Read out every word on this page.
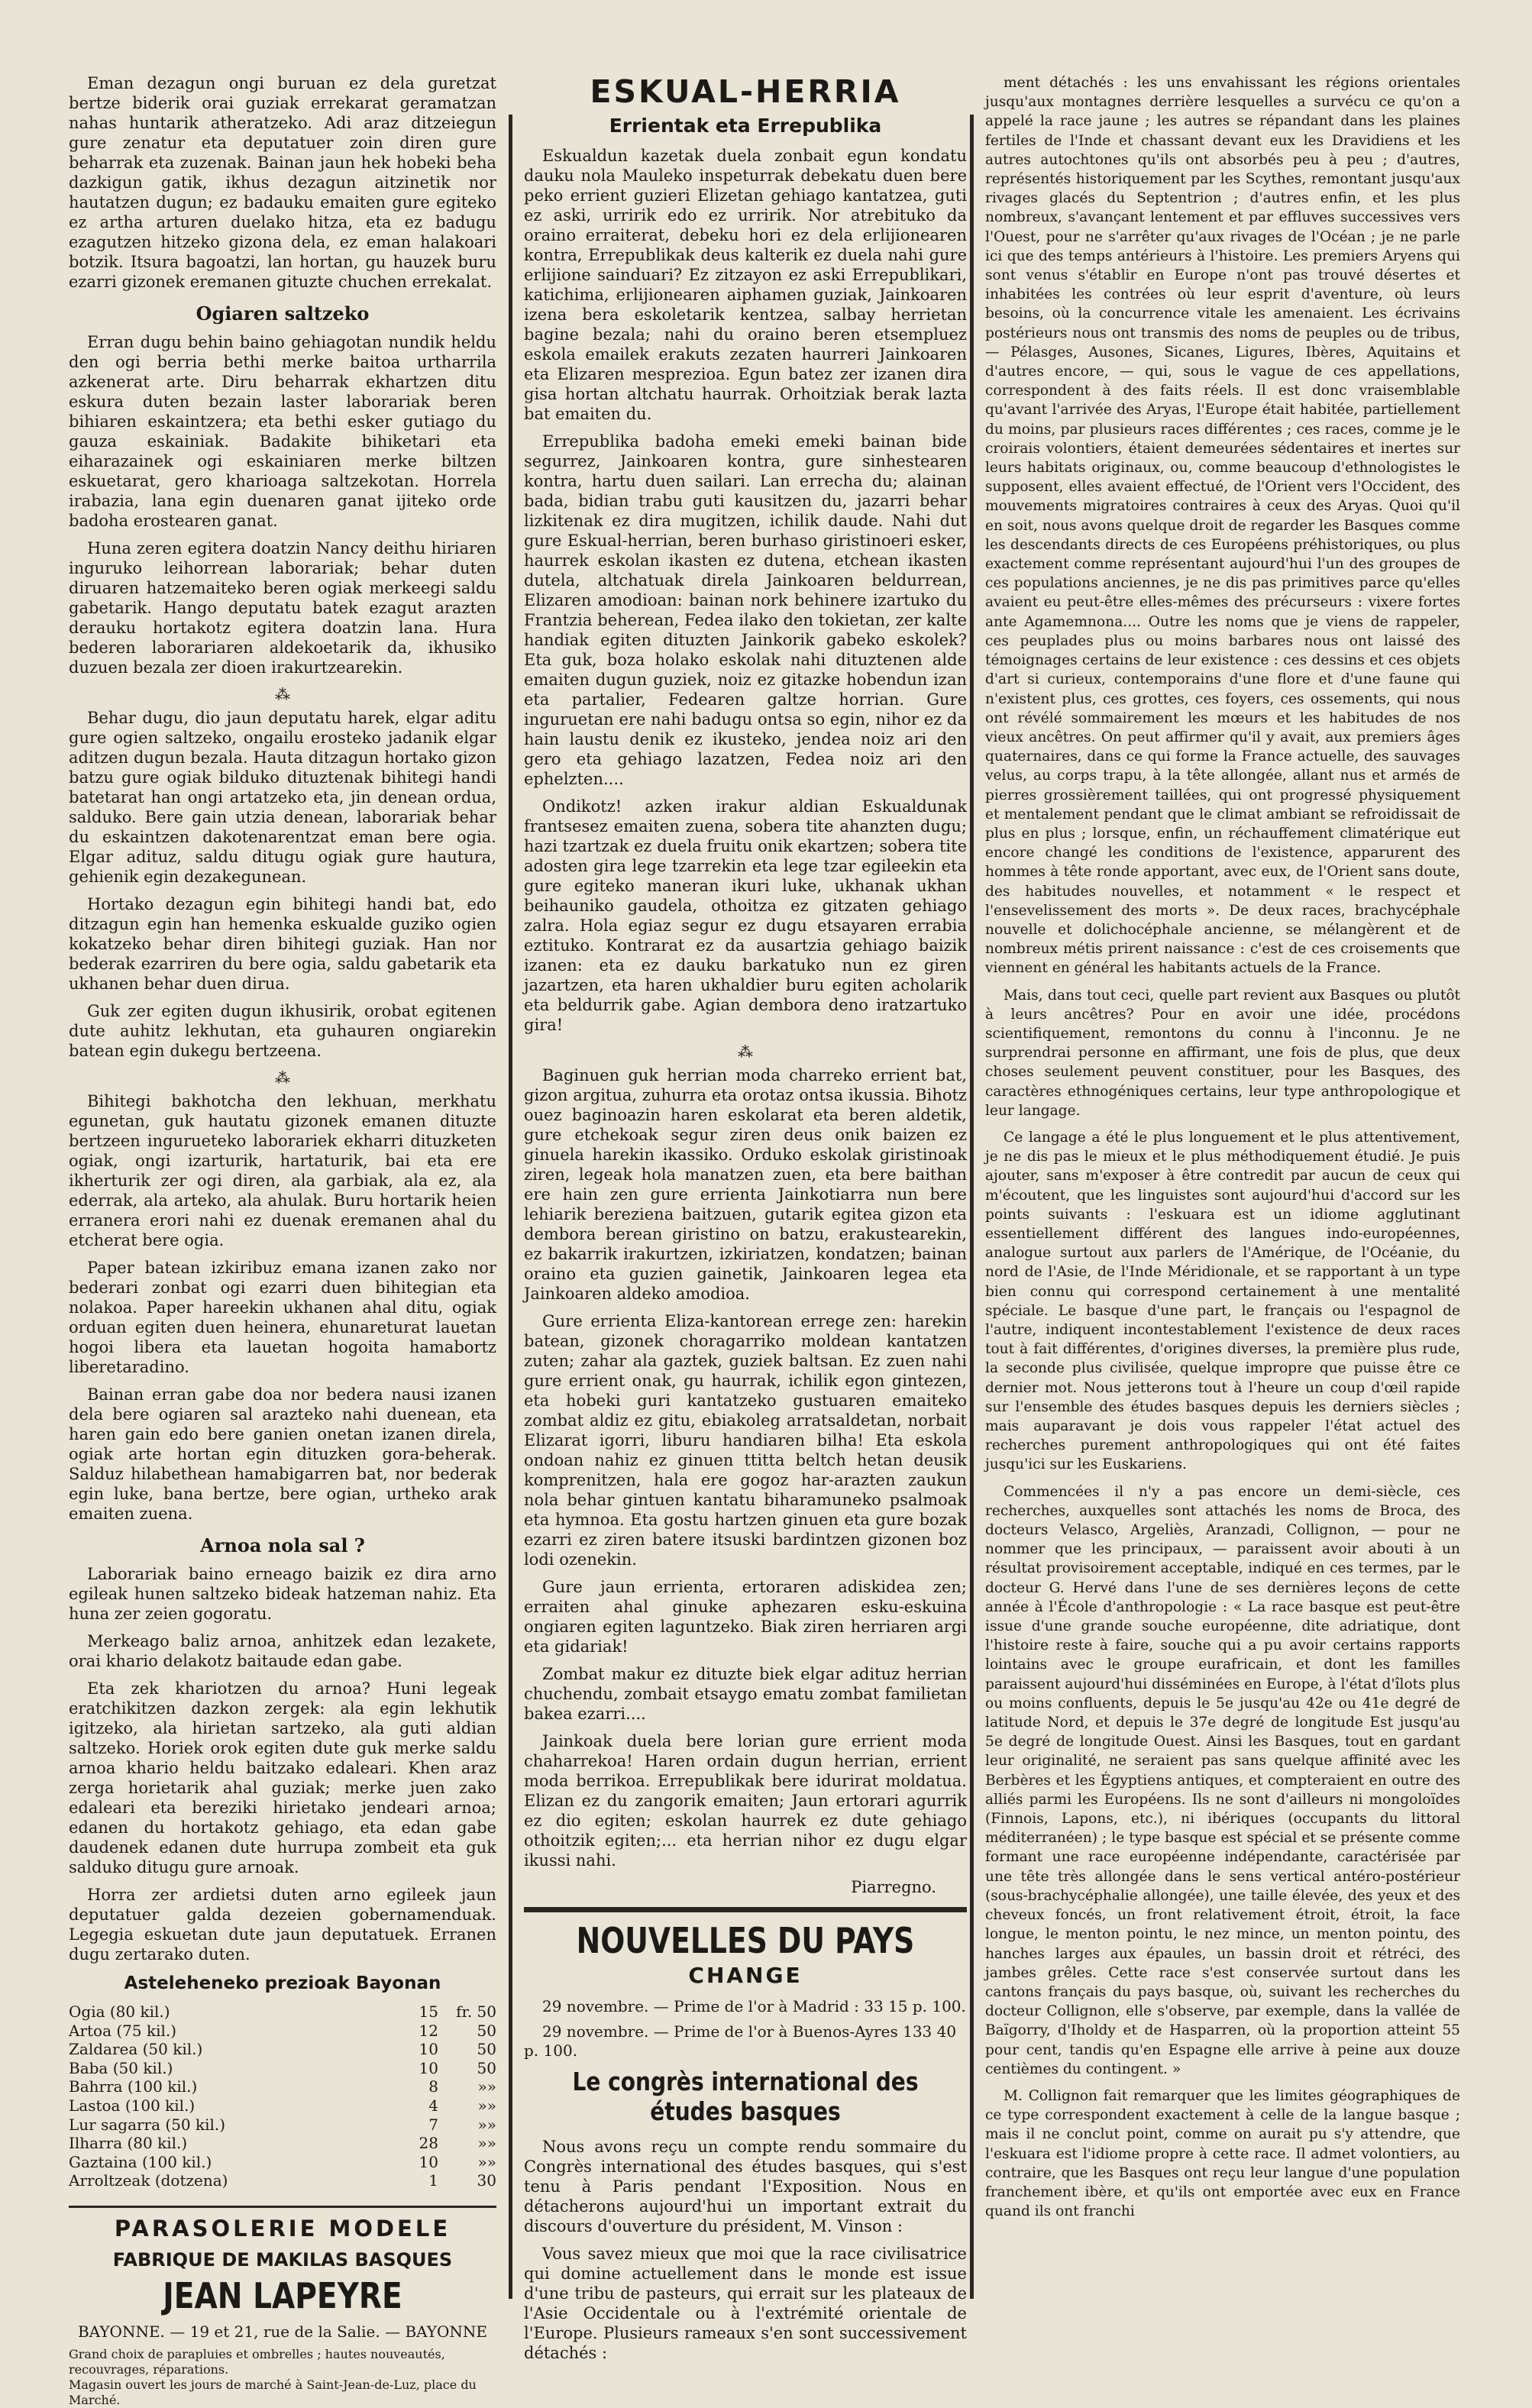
Eman dezagun ongi buruan ez dela guretzat bertze biderik orai guziak errekarat geramatzan nahas huntarik atheratzeko. Adi araz ditzeiegun gure zenatur eta deputatuer zoin diren gure beharrak eta zuzenak. Bainan jaun hek hobeki beha dazkigun gatik, ikhus dezagun aitzinetik nor hautatzen dugun; ez badauku emaiten gure egiteko ez artha arturen duelako hitza, eta ez badugu ezagutzen hitzeko gizona dela, ez eman halakoari botzik. Itsura bagoatzi, lan hortan, gu hauzek buru ezarri gizonek eremanen gituzte chuchen errekalat.

Ogiaren saltzeko

Erran dugu behin baino gehiagotan nundik heldu den ogi berria bethi merke baitoa urtharrila azkenerat arte. Diru beharrak ekhartzen ditu eskura duten bezain laster laborariak beren bihiaren eskaintzera; eta bethi esker gutiago du gauza eskainiak. Badakite bihiketari eta eiharazainek ogi eskainiaren merke biltzen eskuetarat, gero kharioaga saltzekotan. Horrela irabazia, lana egin duenaren ganat ijiteko orde badoha erostearen ganat.

Huna zeren egitera doatzin Nancy deithu hiriaren inguruko leihorrean laborariak; behar duten diruaren hatzemaiteko beren ogiak merkeegi saldu gabetarik. Hango deputatu batek ezagut arazten derauku hortakotz egitera doatzin lana. Hura bederen laborariaren aldekoetarik da, ikhusiko duzuen bezala zer dioen irakurtzearekin.

⁂

Behar dugu, dio jaun deputatu harek, elgar aditu gure ogien saltzeko, ongailu erosteko jadanik elgar aditzen dugun bezala. Hauta ditzagun hortako gizon batzu gure ogiak bilduko dituztenak bihitegi handi batetarat han ongi artatzeko eta, jin denean ordua, salduko. Bere gain utzia denean, laborariak behar du eskaintzen dakotenarentzat eman bere ogia. Elgar adituz, saldu ditugu ogiak gure hautura, gehienik egin dezakegunean.

Hortako dezagun egin bihitegi handi bat, edo ditzagun egin han hemenka eskualde guziko ogien kokatzeko behar diren bihitegi guziak. Han nor bederak ezarriren du bere ogia, saldu gabetarik eta ukhanen behar duen dirua.

Guk zer egiten dugun ikhusirik, orobat egitenen dute auhitz lekhutan, eta guhauren ongiarekin batean egin dukegu bertzeena.

⁂

Bihitegi bakhotcha den lekhuan, merkhatu egunetan, guk hautatu gizonek emanen dituzte bertzeen ingurueteko laborariek ekharri dituzketen ogiak, ongi izarturik, hartaturik, bai eta ere ikherturik zer ogi diren, ala garbiak, ala ez, ala ederrak, ala arteko, ala ahulak. Buru hortarik heien erranera erori nahi ez duenak eremanen ahal du etcherat bere ogia.

Paper batean izkiribuz emana izanen zako nor bederari zonbat ogi ezarri duen bihitegian eta nolakoa. Paper hareekin ukhanen ahal ditu, ogiak orduan egiten duen heinera, ehunareturat lauetan hogoi libera eta lauetan hogoita hamabortz liberetaradino.

Bainan erran gabe doa nor bedera nausi izanen dela bere ogiaren sal arazteko nahi duenean, eta haren gain edo bere ganien onetan izanen direla, ogiak arte hortan egin dituzken gora-beherak. Salduz hilabethean hamabigarren bat, nor bederak egin luke, bana bertze, bere ogian, urtheko arak emaiten zuena.

Arnoa nola sal ?

Laborariak baino erneago baizik ez dira arno egileak hunen saltzeko bideak hatzeman nahiz. Eta huna zer zeien gogoratu.

Merkeago baliz arnoa, anhitzek edan lezakete, orai khario delakotz baitaude edan gabe.

Eta zek khariotzen du arnoa? Huni legeak eratchikitzen dazkon zergek: ala egin lekhutik igitzeko, ala hirietan sartzeko, ala guti aldian saltzeko. Horiek orok egiten dute guk merke saldu arnoa khario heldu baitzako edaleari. Khen araz zerga horietarik ahal guziak; merke juen zako edaleari eta bereziki hirietako jendeari arnoa; edanen du hortakotz gehiago, eta edan gabe daudenek edanen dute hurrupa zombeit eta guk salduko ditugu gure arnoak.

Horra zer ardietsi duten arno egileek jaun deputatuer galda dezeien gobernamenduak. Legegia eskuetan dute jaun deputatuek. Erranen dugu zertarako duten.

Asteleheneko prezioak Bayonan
Ogia (80 kil.)	15	fr. 50
Artoa (75 kil.)	12	50
Zaldarea (50 kil.)	10	50
Baba (50 kil.)	10	50
Bahrra (100 kil.)	8	»»
Lastoa (100 kil.)	4	»»
Lur sagarra (50 kil.)	7	»»
Ilharra (80 kil.)	28	»»
Gaztaina (100 kil.)	10	»»
Arroltzeak (dotzena)	1	30
PARASOLERIE MODELE
FABRIQUE DE MAKILAS BASQUES
JEAN LAPEYRE
BAYONNE. — 19 et 21, rue de la Salie. — BAYONNE
Grand choix de parapluies et ombrelles ; hautes nouveautés, recouvrages, réparations.
Magasin ouvert les jours de marché à Saint-Jean-de-Luz, place du Marché.
ESKUAL-HERRIA
Errientak eta Errepublika

Eskualdun kazetak duela zonbait egun kondatu dauku nola Mauleko inspeturrak debekatu duen bere peko errient guzieri Elizetan gehiago kantatzea, guti ez aski, urririk edo ez urririk. Nor atrebituko da oraino erraiterat, debeku hori ez dela erlijionearen kontra, Errepublikak deus kalterik ez duela nahi gure erlijione sainduari? Ez zitzayon ez aski Errepublikari, katichima, erlijionearen aiphamen guziak, Jainkoaren izena bera eskoletarik kentzea, salbay herrietan bagine bezala; nahi du oraino beren etsempluez eskola emailek erakuts zezaten haurreri Jainkoaren eta Elizaren mesprezioa. Egun batez zer izanen dira gisa hortan altchatu haurrak. Orhoitziak berak lazta bat emaiten du.

Errepublika badoha emeki emeki bainan bide segurrez, Jainkoaren kontra, gure sinhestearen kontra, hartu duen sailari. Lan errecha du; alainan bada, bidian trabu guti kausitzen du, jazarri behar lizkitenak ez dira mugitzen, ichilik daude. Nahi dut gure Eskual-herrian, beren burhaso giristinoeri esker, haurrek eskolan ikasten ez dutena, etchean ikasten dutela, altchatuak direla Jainkoaren beldurrean, Elizaren amodioan: bainan nork behinere izartuko du Frantzia beherean, Fedea ilako den tokietan, zer kalte handiak egiten dituzten Jainkorik gabeko eskolek? Eta guk, boza holako eskolak nahi dituztenen alde emaiten dugun guziek, noiz ez gitazke hobendun izan eta partalier, Fedearen galtze horrian. Gure inguruetan ere nahi badugu ontsa so egin, nihor ez da hain laustu denik ez ikusteko, jendea noiz ari den gero eta gehiago lazatzen, Fedea noiz ari den ephelzten....

Ondikotz! azken irakur aldian Eskualdunak frantsesez emaiten zuena, sobera tite ahanzten dugu; hazi tzartzak ez duela fruitu onik ekartzen; sobera tite adosten gira lege tzarrekin eta lege tzar egileekin eta gure egiteko maneran ikuri luke, ukhanak ukhan beihauniko gaudela, othoitza ez gitzaten gehiago zalra. Hola egiaz segur ez dugu etsayaren errabia eztituko. Kontrarat ez da ausartzia gehiago baizik izanen: eta ez dauku barkatuko nun ez giren jazartzen, eta haren ukhaldier buru egiten acholarik eta beldurrik gabe. Agian dembora deno iratzartuko gira!

⁂

Baginuen guk herrian moda charreko errient bat, gizon argitua, zuhurra eta orotaz ontsa ikussia. Bihotz ouez baginoazin haren eskolarat eta beren aldetik, gure etchekoak segur ziren deus onik baizen ez ginuela harekin ikassiko. Orduko eskolak giristinoak ziren, legeak hola manatzen zuen, eta bere baithan ere hain zen gure errienta Jainkotiarra nun bere lehiarik bereziena baitzuen, gutarik egitea gizon eta dembora berean giristino on batzu, erakustearekin, ez bakarrik irakurtzen, izkiriatzen, kondatzen; bainan oraino eta guzien gainetik, Jainkoaren legea eta Jainkoaren aldeko amodioa.

Gure errienta Eliza-kantorean errege zen: harekin batean, gizonek choragarriko moldean kantatzen zuten; zahar ala gaztek, guziek baltsan. Ez zuen nahi gure errient onak, gu haurrak, ichilik egon gintezen, eta hobeki guri kantatzeko gustuaren emaiteko zombat aldiz ez gitu, ebiakoleg arratsaldetan, norbait Elizarat igorri, liburu handiaren bilha! Eta eskola ondoan nahiz ez ginuen ttitta beltch hetan deusik komprenitzen, hala ere gogoz har-arazten zaukun nola behar gintuen kantatu biharamuneko psalmoak eta hymnoa. Eta gostu hartzen ginuen eta gure bozak ezarri ez ziren batere itsuski bardintzen gizonen boz lodi ozenekin.

Gure jaun errienta, ertoraren adiskidea zen; erraiten ahal ginuke aphezaren esku-eskuina ongiaren egiten laguntzeko. Biak ziren herriaren argi eta gidariak!

Zombat makur ez dituzte biek elgar adituz herrian chuchendu, zombait etsaygo ematu zombat familietan bakea ezarri....

Jainkoak duela bere lorian gure errient moda chaharrekoa! Haren ordain dugun herrian, errient moda berrikoa. Errepublikak bere idurirat moldatua. Elizan ez du zangorik emaiten; Jaun ertorari agurrik ez dio egiten; eskolan haurrek ez dute gehiago othoitzik egiten;... eta herrian nihor ez dugu elgar ikussi nahi.

Piarregno.
NOUVELLES DU PAYS
CHANGE
29 novembre. — Prime de l'or à Madrid : 33 15 p. 100.
29 novembre. — Prime de l'or à Buenos-Ayres 133 40 p. 100.
Le congrès international des études basques

Nous avons reçu un compte rendu sommaire du Congrès international des études basques, qui s'est tenu à Paris pendant l'Exposition. Nous en détacherons aujourd'hui un important extrait du discours d'ouverture du président, M. Vinson :

Vous savez mieux que moi que la race civilisatrice qui domine actuellement dans le monde est issue d'une tribu de pasteurs, qui errait sur les plateaux de l'Asie Occidentale ou à l'extrémité orientale de l'Europe. Plusieurs rameaux s'en sont successivement détachés :

ment détachés : les uns envahissant les régions orientales jusqu'aux montagnes derrière lesquelles a survécu ce qu'on a appelé la race jaune ; les autres se répandant dans les plaines fertiles de l'Inde et chassant devant eux les Dravidiens et les autres autochtones qu'ils ont absorbés peu à peu ; d'autres, représentés historiquement par les Scythes, remontant jusqu'aux rivages glacés du Septentrion ; d'autres enfin, et les plus nombreux, s'avançant lentement et par effluves successives vers l'Ouest, pour ne s'arrêter qu'aux rivages de l'Océan ; je ne parle ici que des temps antérieurs à l'histoire. Les premiers Aryens qui sont venus s'établir en Europe n'ont pas trouvé désertes et inhabitées les contrées où leur esprit d'aventure, où leurs besoins, où la concurrence vitale les amenaient. Les écrivains postérieurs nous ont transmis des noms de peuples ou de tribus, — Pélasges, Ausones, Sicanes, Ligures, Ibères, Aquitains et d'autres encore, — qui, sous le vague de ces appellations, correspondent à des faits réels. Il est donc vraisemblable qu'avant l'arrivée des Aryas, l'Europe était habitée, partiellement du moins, par plusieurs races différentes ; ces races, comme je le croirais volontiers, étaient demeurées sédentaires et inertes sur leurs habitats originaux, ou, comme beaucoup d'ethnologistes le supposent, elles avaient effectué, de l'Orient vers l'Occident, des mouvements migratoires contraires à ceux des Aryas. Quoi qu'il en soit, nous avons quelque droit de regarder les Basques comme les descendants directs de ces Européens préhistoriques, ou plus exactement comme représentant aujourd'hui l'un des groupes de ces populations anciennes, je ne dis pas primitives parce qu'elles avaient eu peut-être elles-mêmes des précurseurs : vixere fortes ante Agamemnona.... Outre les noms que je viens de rappeler, ces peuplades plus ou moins barbares nous ont laissé des témoignages certains de leur existence : ces dessins et ces objets d'art si curieux, contemporains d'une flore et d'une faune qui n'existent plus, ces grottes, ces foyers, ces ossements, qui nous ont révélé sommairement les mœurs et les habitudes de nos vieux ancêtres. On peut affirmer qu'il y avait, aux premiers âges quaternaires, dans ce qui forme la France actuelle, des sauvages velus, au corps trapu, à la tête allongée, allant nus et armés de pierres grossièrement taillées, qui ont progressé physiquement et mentalement pendant que le climat ambiant se refroidissait de plus en plus ; lorsque, enfin, un réchauffement climatérique eut encore changé les conditions de l'existence, apparurent des hommes à tête ronde apportant, avec eux, de l'Orient sans doute, des habitudes nouvelles, et notamment « le respect et l'ensevelissement des morts ». De deux races, brachycéphale nouvelle et dolichocéphale ancienne, se mélangèrent et de nombreux métis prirent naissance : c'est de ces croisements que viennent en général les habitants actuels de la France.

Mais, dans tout ceci, quelle part revient aux Basques ou plutôt à leurs ancêtres? Pour en avoir une idée, procédons scientifiquement, remontons du connu à l'inconnu. Je ne surprendrai personne en affirmant, une fois de plus, que deux choses seulement peuvent constituer, pour les Basques, des caractères ethnogéniques certains, leur type anthropologique et leur langage.

Ce langage a été le plus longuement et le plus attentivement, je ne dis pas le mieux et le plus méthodiquement étudié. Je puis ajouter, sans m'exposer à être contredit par aucun de ceux qui m'écoutent, que les linguistes sont aujourd'hui d'accord sur les points suivants : l'eskuara est un idiome agglutinant essentiellement différent des langues indo-européennes, analogue surtout aux parlers de l'Amérique, de l'Océanie, du nord de l'Asie, de l'Inde Méridionale, et se rapportant à un type bien connu qui correspond certainement à une mentalité spéciale. Le basque d'une part, le français ou l'espagnol de l'autre, indiquent incontestablement l'existence de deux races tout à fait différentes, d'origines diverses, la première plus rude, la seconde plus civilisée, quelque impropre que puisse être ce dernier mot. Nous jetterons tout à l'heure un coup d'œil rapide sur l'ensemble des études basques depuis les derniers siècles ; mais auparavant je dois vous rappeler l'état actuel des recherches purement anthropologiques qui ont été faites jusqu'ici sur les Euskariens.

Commencées il n'y a pas encore un demi-siècle, ces recherches, auxquelles sont attachés les noms de Broca, des docteurs Velasco, Argeliès, Aranzadi, Collignon, — pour ne nommer que les principaux, — paraissent avoir abouti à un résultat provisoirement acceptable, indiqué en ces termes, par le docteur G. Hervé dans l'une de ses dernières leçons de cette année à l'École d'anthropologie : « La race basque est peut-être issue d'une grande souche européenne, dite adriatique, dont l'histoire reste à faire, souche qui a pu avoir certains rapports lointains avec le groupe eurafricain, et dont les familles paraissent aujourd'hui disséminées en Europe, à l'état d'îlots plus ou moins confluents, depuis le 5e jusqu'au 42e ou 41e degré de latitude Nord, et depuis le 37e degré de longitude Est jusqu'au 5e degré de longitude Ouest. Ainsi les Basques, tout en gardant leur originalité, ne seraient pas sans quelque affinité avec les Berbères et les Égyptiens antiques, et compteraient en outre des alliés parmi les Européens. Ils ne sont d'ailleurs ni mongoloïdes (Finnois, Lapons, etc.), ni ibériques (occupants du littoral méditerranéen) ; le type basque est spécial et se présente comme formant une race européenne indépendante, caractérisée par une tête très allongée dans le sens vertical antéro-postérieur (sous-brachycéphalie allongée), une taille élevée, des yeux et des cheveux foncés, un front relativement étroit, étroit, la face longue, le menton pointu, le nez mince, un menton pointu, des hanches larges aux épaules, un bassin droit et rétréci, des jambes grêles. Cette race s'est conservée surtout dans les cantons français du pays basque, où, suivant les recherches du docteur Collignon, elle s'observe, par exemple, dans la vallée de Baïgorry, d'Iholdy et de Hasparren, où la proportion atteint 55 pour cent, tandis qu'en Espagne elle arrive à peine aux douze centièmes du contingent. »

M. Collignon fait remarquer que les limites géographiques de ce type correspondent exactement à celle de la langue basque ; mais il ne conclut point, comme on aurait pu s'y attendre, que l'eskuara est l'idiome propre à cette race. Il admet volontiers, au contraire, que les Basques ont reçu leur langue d'une population franchement ibère, et qu'ils ont emportée avec eux en France quand ils ont franchi
